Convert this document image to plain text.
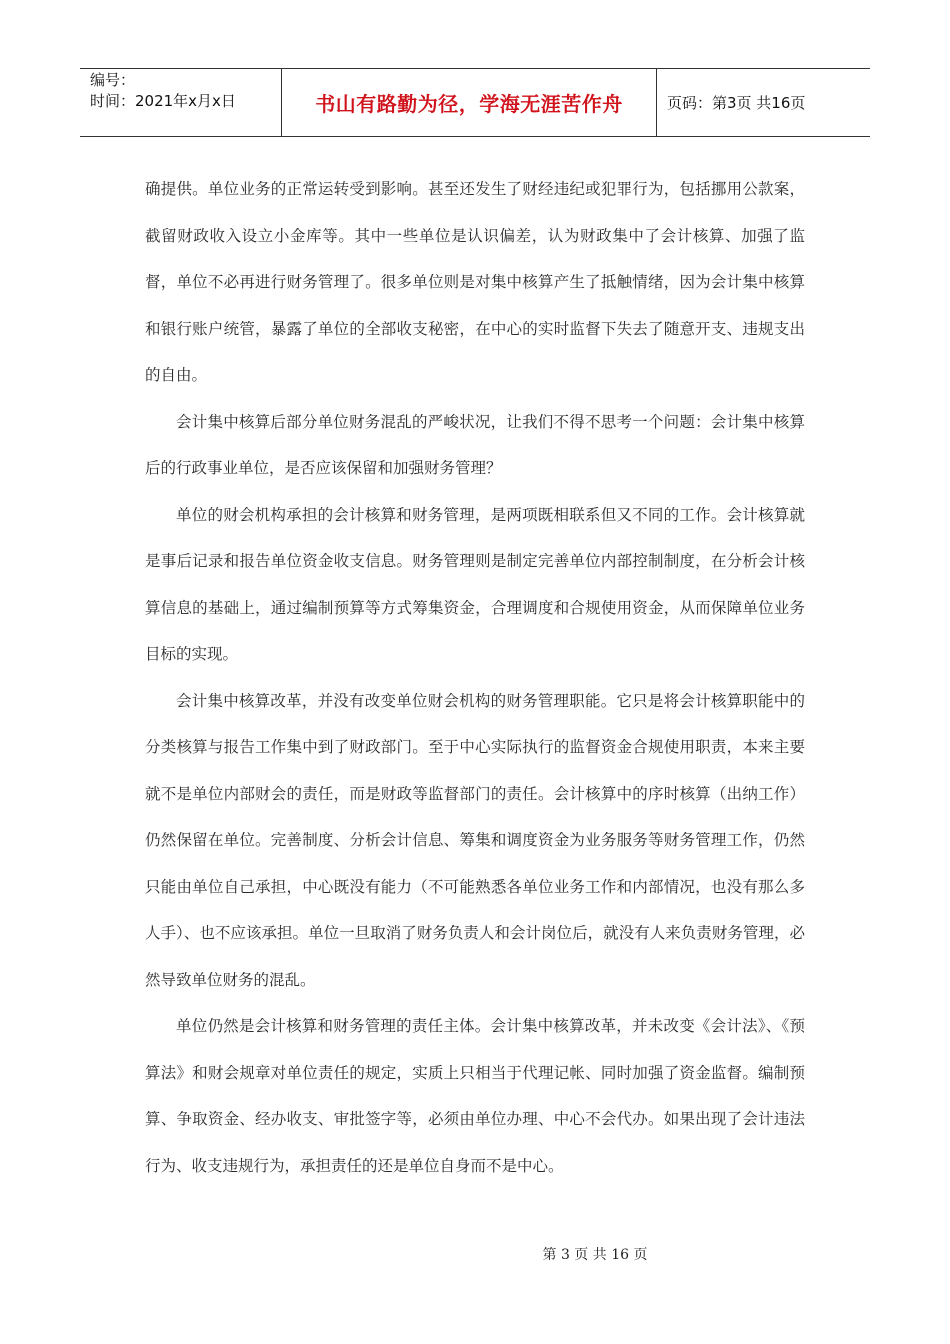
编号：
时间：2021年x月x日	书山有路勤为径，学海无涯苦作舟	页码：第3页 共16页

确提供。单位业务的正常运转受到影响。甚至还发生了财经违纪或犯罪行为，包括挪用公款案，截留财政收入设立小金库等。其中一些单位是认识偏差，认为财政集中了会计核算、加强了监督，单位不必再进行财务管理了。很多单位则是对集中核算产生了抵触情绪，因为会计集中核算和银行账户统管，暴露了单位的全部收支秘密，在中心的实时监督下失去了随意开支、违规支出的自由。

会计集中核算后部分单位财务混乱的严峻状况，让我们不得不思考一个问题：会计集中核算后的行政事业单位，是否应该保留和加强财务管理？

单位的财会机构承担的会计核算和财务管理，是两项既相联系但又不同的工作。会计核算就是事后记录和报告单位资金收支信息。财务管理则是制定完善单位内部控制制度，在分析会计核算信息的基础上，通过编制预算等方式筹集资金，合理调度和合规使用资金，从而保障单位业务目标的实现。

会计集中核算改革，并没有改变单位财会机构的财务管理职能。它只是将会计核算职能中的分类核算与报告工作集中到了财政部门。至于中心实际执行的监督资金合规使用职责，本来主要就不是单位内部财会的责任，而是财政等监督部门的责任。会计核算中的序时核算（出纳工作）仍然保留在单位。完善制度、分析会计信息、筹集和调度资金为业务服务等财务管理工作，仍然只能由单位自己承担，中心既没有能力（不可能熟悉各单位业务工作和内部情况，也没有那么多人手）、也不应该承担。单位一旦取消了财务负责人和会计岗位后，就没有人来负责财务管理，必然导致单位财务的混乱。

单位仍然是会计核算和财务管理的责任主体。会计集中核算改革，并未改变《会计法》、《预算法》和财会规章对单位责任的规定，实质上只相当于代理记帐、同时加强了资金监督。编制预算、争取资金、经办收支、审批签字等，必须由单位办理、中心不会代办。如果出现了会计违法行为、收支违规行为，承担责任的还是单位自身而不是中心。

第 3 页 共 16 页
